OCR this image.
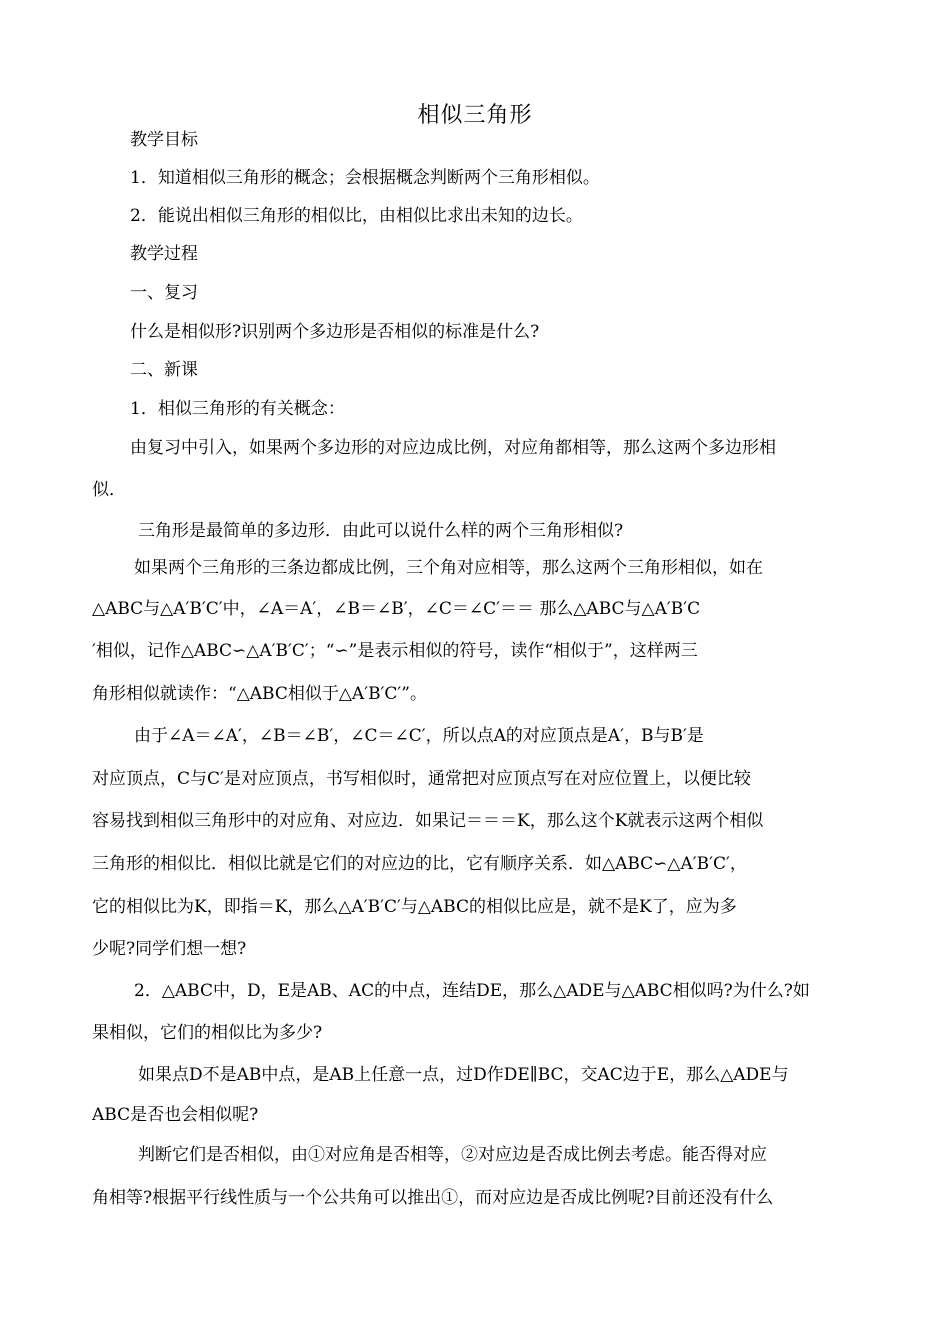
相似三角形
教学目标
1．知道相似三角形的概念；会根据概念判断两个三角形相似。
2．能说出相似三角形的相似比，由相似比求出未知的边长。
教学过程
一、复习
什么是相似形?识别两个多边形是否相似的标准是什么?
二、新课
1．相似三角形的有关概念：
由复习中引入，如果两个多边形的对应边成比例，对应角都相等，那么这两个多边形相
似．
三角形是最简单的多边形．由此可以说什么样的两个三角形相似?
如果两个三角形的三条边都成比例，三个角对应相等，那么这两个三角形相似，如在
△ABC与△A′B′C′中，∠A＝A′，∠B＝∠B′，∠C＝∠C′＝＝ 那么△ABC与△A′B′C
′相似，记作△ABC∽△A′B′C′；“∽”是表示相似的符号，读作“相似于”，这样两三
角形相似就读作：“△ABC相似于△A′B′C′”。
由于∠A＝∠A′，∠B＝∠B′，∠C＝∠C′，所以点A的对应顶点是A′，B与B′是
对应顶点，C与C′是对应顶点，书写相似时，通常把对应顶点写在对应位置上，以便比较
容易找到相似三角形中的对应角、对应边．如果记＝＝＝K，那么这个K就表示这两个相似
三角形的相似比．相似比就是它们的对应边的比，它有顺序关系．如△ABC∽△A′B′C′，
它的相似比为K，即指＝K，那么△A′B′C′与△ABC的相似比应是，就不是K了，应为多
少呢?同学们想一想?
2．△ABC中，D，E是AB、AC的中点，连结DE，那么△ADE与△ABC相似吗?为什么?如
果相似，它们的相似比为多少?
如果点D不是AB中点，是AB上任意一点，过D作DE∥BC，交AC边于E，那么△ADE与
ABC是否也会相似呢?
判断它们是否相似，由①对应角是否相等，②对应边是否成比例去考虑。能否得对应
角相等?根据平行线性质与一个公共角可以推出①，而对应边是否成比例呢?目前还没有什么
